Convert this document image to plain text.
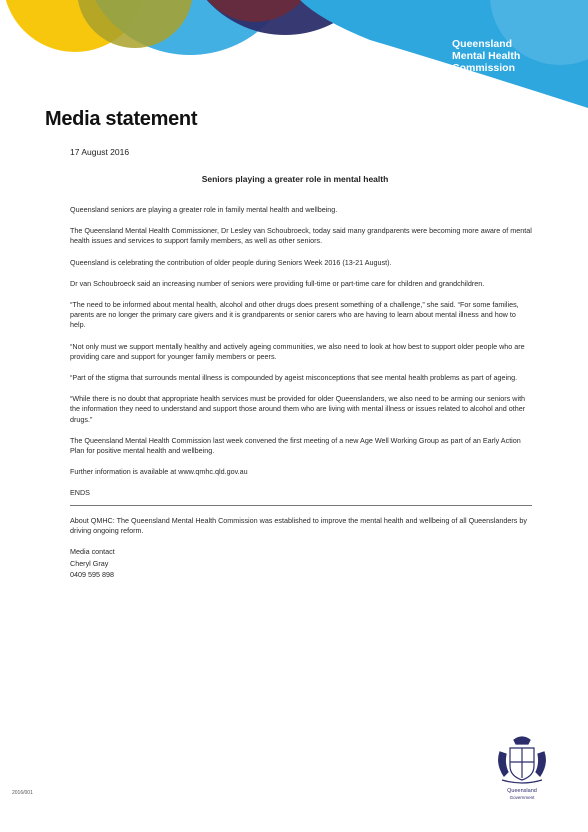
Queensland
Mental Health
Commission
Media statement
17 August 2016
Seniors playing a greater role in mental health

Queensland seniors are playing a greater role in family mental health and wellbeing.

The Queensland Mental Health Commissioner, Dr Lesley van Schoubroeck, today said many grandparents were becoming more aware of mental health issues and services to support family members, as well as other seniors.

Queensland is celebrating the contribution of older people during Seniors Week 2016 (13-21 August).

Dr van Schoubroeck said an increasing number of seniors were providing full-time or part-time care for children and grandchildren.

“The need to be informed about mental health, alcohol and other drugs does present something of a challenge,” she said. “For some families, parents are no longer the primary care givers and it is grandparents or senior carers who are having to learn about mental illness and how to help.

“Not only must we support mentally healthy and actively ageing communities, we also need to look at how best to support older people who are providing care and support for younger family members or peers.

“Part of the stigma that surrounds mental illness is compounded by ageist misconceptions that see mental health problems as part of ageing.

“While there is no doubt that appropriate health services must be provided for older Queenslanders, we also need to be arming our seniors with the information they need to understand and support those around them who are living with mental illness or issues related to alcohol and other drugs.”

The Queensland Mental Health Commission last week convened the first meeting of a new Age Well Working Group as part of an Early Action Plan for positive mental health and wellbeing.

Further information is available at www.qmhc.qld.gov.au

ENDS

About QMHC: The Queensland Mental Health Commission was established to improve the mental health and wellbeing of all Queenslanders by driving ongoing reform.

Media contact
Cheryl Gray
0409 595 898
Queensland
Government
2016/001
